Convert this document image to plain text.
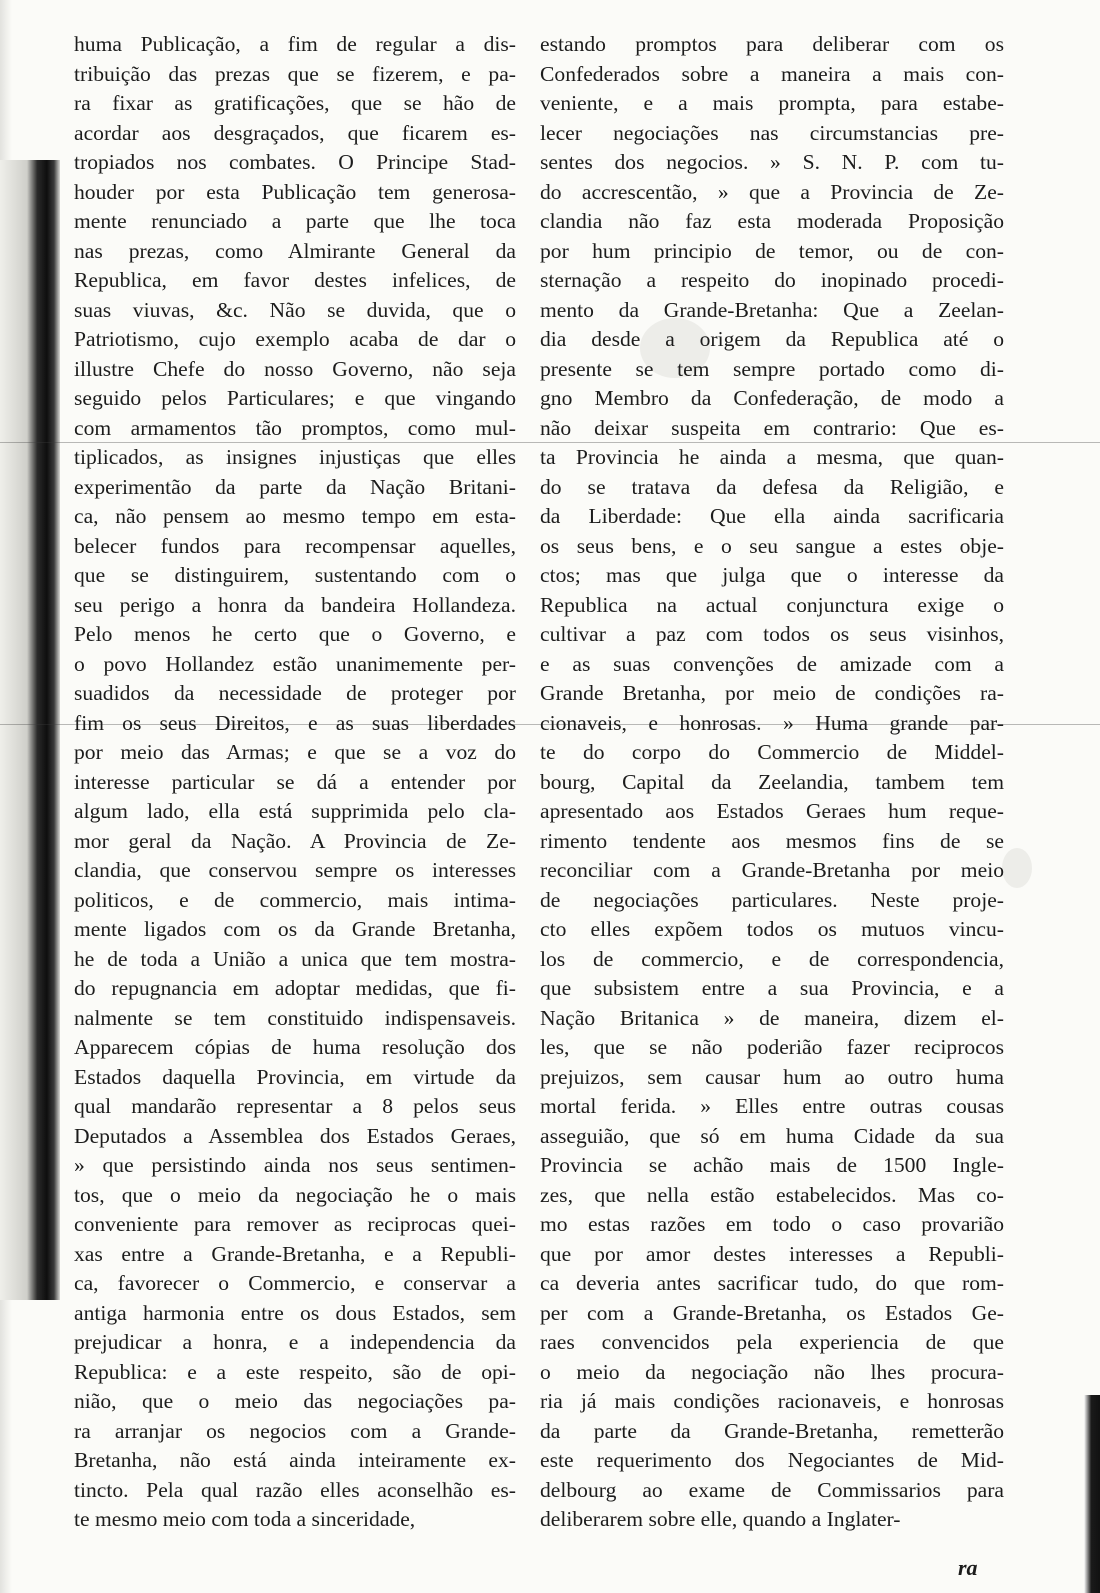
huma Publicação, a fim de regular a dis-
tribuição das prezas que se fizerem, e pa-
ra fixar as gratificações, que se hão de
acordar aos desgraçados, que ficarem es-
tropiados nos combates. O Principe Stad-
houder por esta Publicação tem generosa-
mente renunciado a parte que lhe toca
nas prezas, como Almirante General da
Republica, em favor destes infelices, de
suas viuvas, &c. Não se duvida, que o
Patriotismo, cujo exemplo acaba de dar o
illustre Chefe do nosso Governo, não seja
seguido pelos Particulares; e que vingando
com armamentos tão promptos, como mul-
tiplicados, as insignes injustiças que elles
experimentão da parte da Nação Britani-
ca, não pensem ao mesmo tempo em esta-
belecer fundos para recompensar aquelles,
que se distinguirem, sustentando com o
seu perigo a honra da bandeira Hollandeza.
Pelo menos he certo que o Governo, e
o povo Hollandez estão unanimemente per-
suadidos da necessidade de proteger por
fim os seus Direitos, e as suas liberdades
por meio das Armas; e que se a voz do
interesse particular se dá a entender por
algum lado, ella está supprimida pelo cla-
mor geral da Nação. A Provincia de Ze-
clandia, que conservou sempre os interesses
politicos, e de commercio, mais intima-
mente ligados com os da Grande Bretanha,
he de toda a União a unica que tem mostra-
do repugnancia em adoptar medidas, que fi-
nalmente se tem constituido indispensaveis.
Apparecem cópias de huma resolução dos
Estados daquella Provincia, em virtude da
qual mandarão representar a 8 pelos seus
Deputados a Assemblea dos Estados Geraes,
» que persistindo ainda nos seus sentimen-
tos, que o meio da negociação he o mais
conveniente para remover as reciprocas quei-
xas entre a Grande-Bretanha, e a Republi-
ca, favorecer o Commercio, e conservar a
antiga harmonia entre os dous Estados, sem
prejudicar a honra, e a independencia da
Republica: e a este respeito, são de opi-
nião, que o meio das negociações pa-
ra arranjar os negocios com a Grande-
Bretanha, não está ainda inteiramente ex-
tincto. Pela qual razão elles aconselhão es-
te mesmo meio com toda a sinceridade,
estando promptos para deliberar com os
Confederados sobre a maneira a mais con-
veniente, e a mais prompta, para estabe-
lecer negociações nas circumstancias pre-
sentes dos negocios. » S. N. P. com tu-
do accrescentão, » que a Provincia de Ze-
clandia não faz esta moderada Proposição
por hum principio de temor, ou de con-
sternação a respeito do inopinado procedi-
mento da Grande-Bretanha: Que a Zeelan-
dia desde a origem da Republica até o
presente se tem sempre portado como di-
gno Membro da Confederação, de modo a
não deixar suspeita em contrario: Que es-
ta Provincia he ainda a mesma, que quan-
do se tratava da defesa da Religião, e
da Liberdade: Que ella ainda sacrificaria
os seus bens, e o seu sangue a estes obje-
ctos; mas que julga que o interesse da
Republica na actual conjunctura exige o
cultivar a paz com todos os seus visinhos,
e as suas convenções de amizade com a
Grande Bretanha, por meio de condições ra-
cionaveis, e honrosas. » Huma grande par-
te do corpo do Commercio de Middel-
bourg, Capital da Zeelandia, tambem tem
apresentado aos Estados Geraes hum reque-
rimento tendente aos mesmos fins de se
reconciliar com a Grande-Bretanha por meio
de negociações particulares. Neste proje-
cto elles expõem todos os mutuos vincu-
los de commercio, e de correspondencia,
que subsistem entre a sua Provincia, e a
Nação Britanica » de maneira, dizem el-
les, que se não poderião fazer reciprocos
prejuizos, sem causar hum ao outro huma
mortal ferida. » Elles entre outras cousas
asseguião, que só em huma Cidade da sua
Provincia se achão mais de 1500 Ingle-
zes, que nella estão estabelecidos. Mas co-
mo estas razões em todo o caso provarião
que por amor destes interesses a Republi-
ca deveria antes sacrificar tudo, do que rom-
per com a Grande-Bretanha, os Estados Ge-
raes convencidos pela experiencia de que
o meio da negociação não lhes procura-
ria já mais condições racionaveis, e honrosas
da parte da Grande-Bretanha, remetterão
este requerimento dos Negociantes de Mid-
delbourg ao exame de Commissarios para
deliberarem sobre elle, quando a Inglater-
ra
